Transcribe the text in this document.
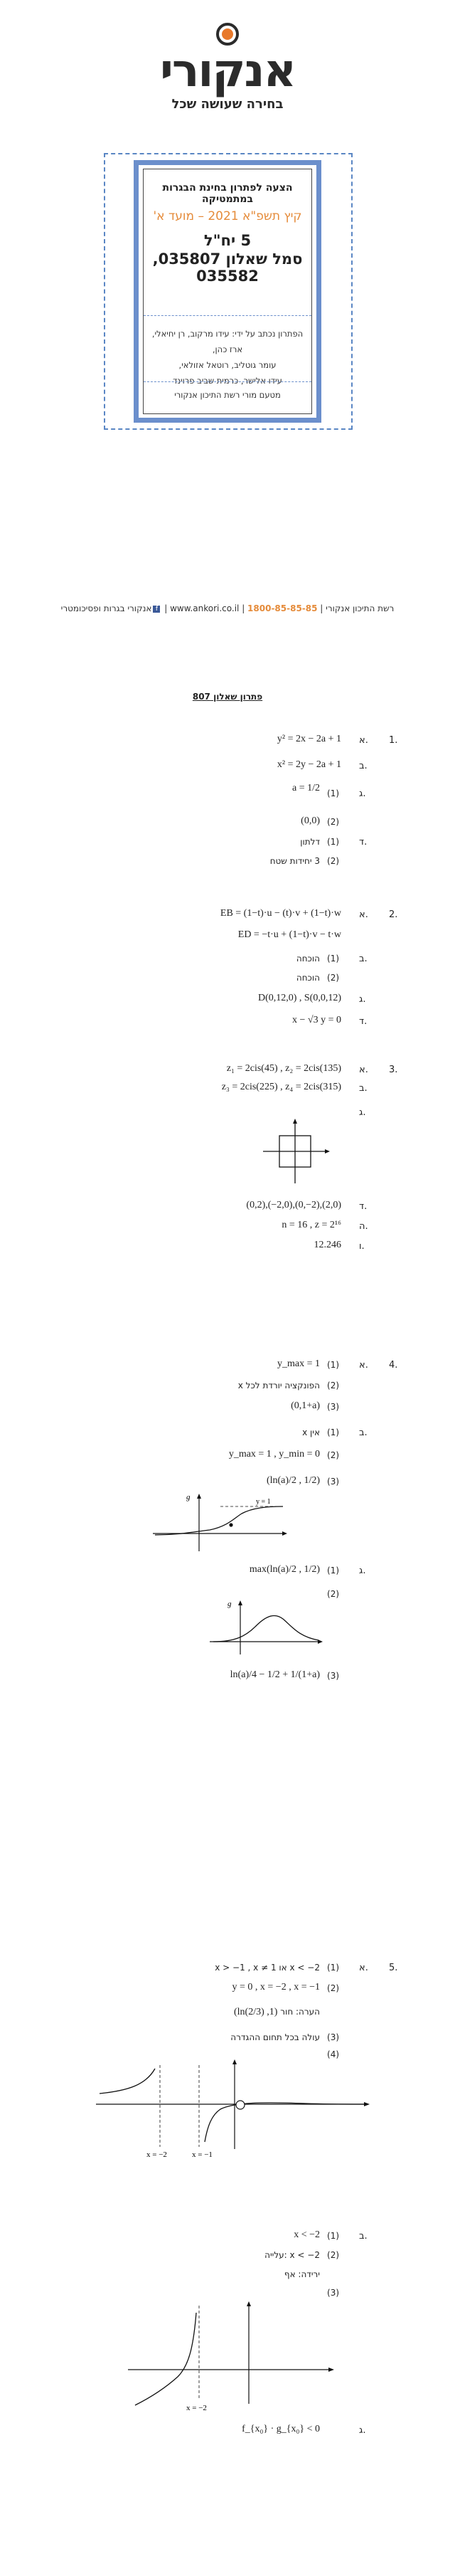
אנקורי
בחירה שעושה שכל
הצעה לפתרון בחינת הבגרות במתמטיקה
קיץ תשפ"א 2021 – מועד א'
5 יח"ל
סמל שאלון 035807, 035582
הפתרון נכתב על ידי: עידו מרקוב, רן יחיאלי, ארז כהן,
עומר גוטליב, רוטאל אזולאי,
עידו אלישר, כרמית שביב פרוינד
מטעם מורי רשת התיכון אנקורי
רשת התיכון אנקורי | 1800-85-85-85 | www.ankori.co.il | fאנקורי בגרות ופסיכומטרי
פתרון שאלון 807
1.
א.
y² = 2x − 2a + 1
ב.
x² = 2y − 2a + 1
ג.
(1)
a = 1/2
(2)
(0,0)
ד.
(1)
דלתון
(2)
3 יחידות שטח
2.
א.
EB = (1−t)·u − (t)·v + (1−t)·w
ED = −t·u + (1−t)·v − t·w
ב.
(1)
הוכחה
(2)
הוכחה
ג.
D(0,12,0) , S(0,0,12)
ד.
x − √3 y = 0
3.
א.
z₁ = 2cis(45) , z₂ = 2cis(135)
ב.
z₃ = 2cis(225) , z₄ = 2cis(315)
ג.
ד.
(0,2),(−2,0),(0,−2),(2,0)
ה.
n = 16 , z = 2¹⁶
ו.
12.246
4.
א.
(1)
y_max = 1
(2)
הפונקציה יורדת לכל x
(3)
(0,1+a)
ב.
(1)
אין x
(2)
y_max = 1 , y_min = 0
(3)
(ln(a)/2 , 1/2)
g
y = 1
ג.
(1)
max(ln(a)/2 , 1/2)
(2)
g
(3)
ln(a)/4 − 1/2 + 1/(1+a)
5.
א.
(1)
x < −2 או x > −1 , x ≠ 1
(2)
y = 0 , x = −2 , x = −1
הערה: חור (1, ln(2/3))
(3)
עולה בכל תחום ההגדרה
(4)
x = −2	x = −1
ב.
(1)
x < −2
(2)
x < −2 :עלייה
ירידה: אף
(3)
x = −2
ג.
f_{x₀} · g_{x₀} < 0
